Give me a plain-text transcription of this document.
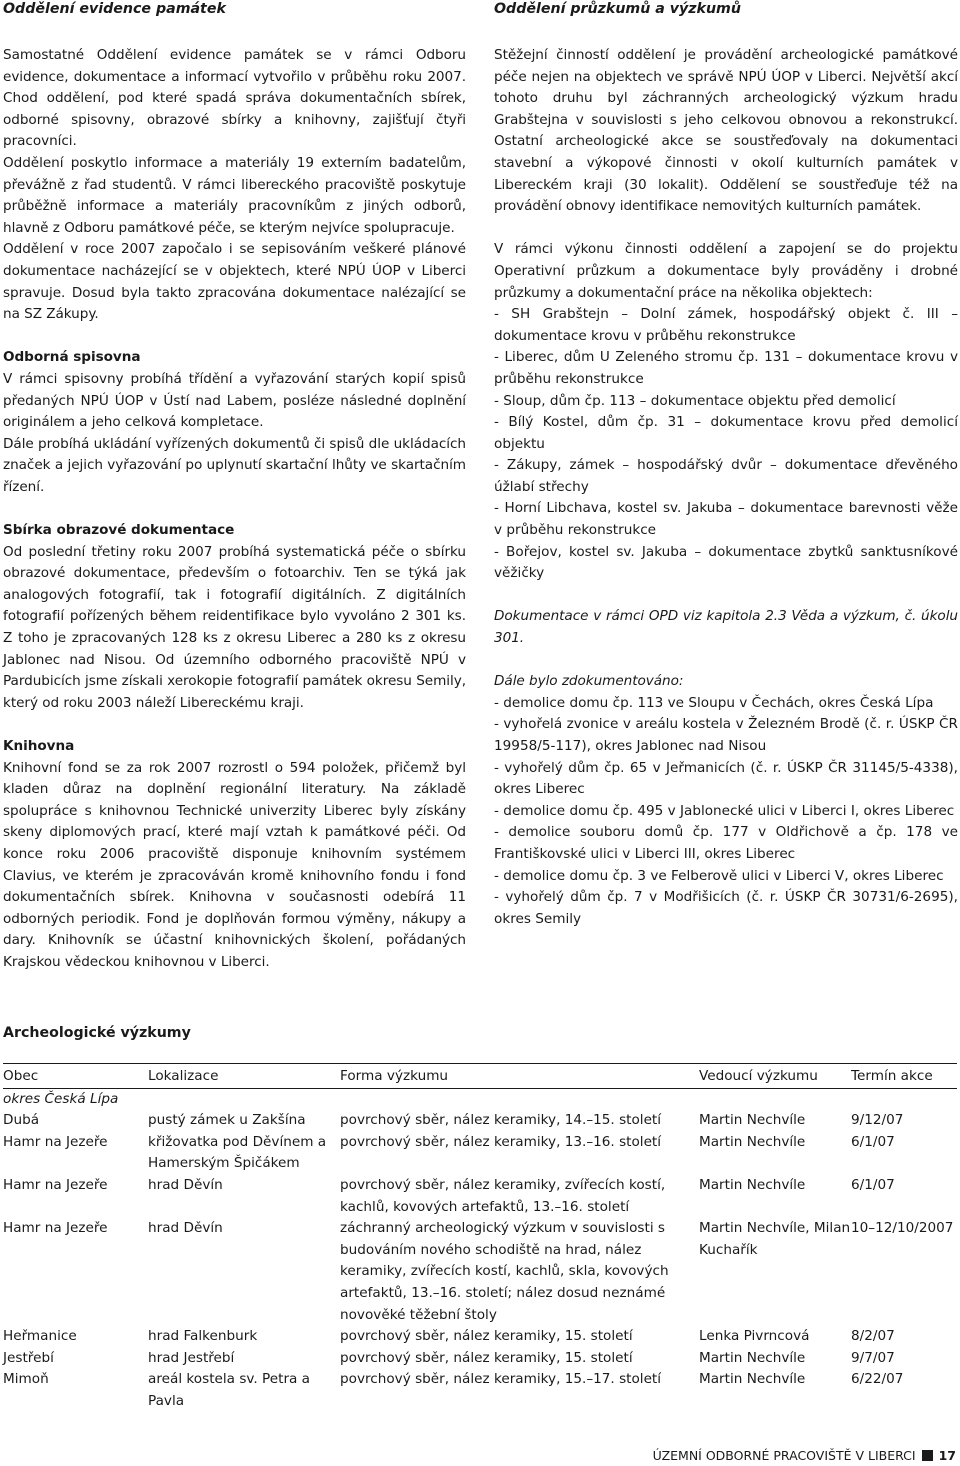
Oddělení evidence památek

Samostatné Oddělení evidence památek se v rámci Odboru evidence, dokumentace a informací vytvořilo v průběhu roku 2007. Chod oddělení, pod které spadá správa dokumentačních sbírek, odborné spisovny, obrazové sbírky a knihovny, zajišťují čtyři pracovníci.

Oddělení poskytlo informace a materiály 19 externím badatelům, převážně z řad studentů. V rámci libereckého pracoviště poskytuje průběžně informace a materiály pracovníkům z jiných odborů, hlavně z Odboru památkové péče, se kterým nejvíce spolupracuje.

Oddělení v roce 2007 započalo i se sepisováním veškeré plánové dokumentace nacházející se v objektech, které NPÚ ÚOP v Liberci spravuje. Dosud byla takto zpracována dokumentace nalézající se na SZ Zákupy.

Odborná spisovna

V rámci spisovny probíhá třídění a vyřazování starých kopií spisů předaných NPÚ ÚOP v Ústí nad Labem, posléze následné doplnění originálem a jeho celková kompletace.

Dále probíhá ukládání vyřízených dokumentů či spisů dle ukládacích značek a jejich vyřazování po uplynutí skartační lhůty ve skartačním řízení.

Sbírka obrazové dokumentace

Od poslední třetiny roku 2007 probíhá systematická péče o sbírku obrazové dokumentace, především o fotoarchiv. Ten se týká jak analogových fotografií, tak i fotografií digitálních. Z digitálních fotografií pořízených během reidentifikace bylo vyvoláno 2 301 ks. Z toho je zpracovaných 128 ks z okresu Liberec a 280 ks z okresu Jablonec nad Nisou. Od územního odborného pracoviště NPÚ v Pardubicích jsme získali xerokopie fotografií památek okresu Semily, který od roku 2003 náleží Libereckému kraji.

Knihovna

Knihovní fond se za rok 2007 rozrostl o 594 položek, přičemž byl kladen důraz na doplnění regionální literatury. Na základě spolupráce s knihovnou Technické univerzity Liberec byly získány skeny diplomových prací, které mají vztah k památkové péči. Od konce roku 2006 pracoviště disponuje knihovním systémem Clavius, ve kterém je zpracováván kromě knihovního fondu i fond dokumentačních sbírek. Knihovna v současnosti odebírá 11 odborných periodik. Fond je doplňován formou výměny, nákupy a dary. Knihovník se účastní knihovnických školení, pořádaných Krajskou vědeckou knihovnou v Liberci.

Oddělení průzkumů a výzkumů

Stěžejní činností oddělení je provádění archeologické památkové péče nejen na objektech ve správě NPÚ ÚOP v Liberci. Největší akcí tohoto druhu byl záchranných archeologický výzkum hradu Grabštejna v souvislosti s jeho celkovou obnovou a rekonstrukcí. Ostatní archeologické akce se soustřeďovaly na dokumentaci stavební a výkopové činnosti v okolí kulturních památek v Libereckém kraji (30 lokalit). Oddělení se soustřeďuje též na provádění obnovy identifikace nemovitých kulturních památek.

V rámci výkonu činnosti oddělení a zapojení se do projektu Operativní průzkum a dokumentace byly prováděny i drobné průzkumy a dokumentační práce na několika objektech:

- SH Grabštejn – Dolní zámek, hospodářský objekt č. III – dokumentace krovu v průběhu rekonstrukce
- Liberec, dům U Zeleného stromu čp. 131 – dokumentace krovu v průběhu rekonstrukce
- Sloup, dům čp. 113 – dokumentace objektu před demolicí
- Bílý Kostel, dům čp. 31 – dokumentace krovu před demolicí objektu
- Zákupy, zámek – hospodářský dvůr – dokumentace dřevěného úžlabí střechy
- Horní Libchava, kostel sv. Jakuba – dokumentace barevnosti věže v průběhu rekonstrukce
- Bořejov, kostel sv. Jakuba – dokumentace zbytků sanktusníkové věžičky

Dokumentace v rámci OPD viz kapitola 2.3 Věda a výzkum, č. úkolu 301.

Dále bylo zdokumentováno:

- demolice domu čp. 113 ve Sloupu v Čechách, okres Česká Lípa
- vyhořelá zvonice v areálu kostela v Železném Brodě (č. r. ÚSKP ČR 19958/5-117), okres Jablonec nad Nisou
- vyhořelý dům čp. 65 v Jeřmanicích (č. r. ÚSKP ČR 31145/5-4338), okres Liberec
- demolice domu čp. 495 v Jablonecké ulici v Liberci I, okres Liberec
- demolice souboru domů čp. 177 v Oldřichově a čp. 178 ve Františkovské ulici v Liberci III, okres Liberec
- demolice domu čp. 3 ve Felberově ulici v Liberci V, okres Liberec
- vyhořelý dům čp. 7 v Modřišicích (č. r. ÚSKP ČR 30731/6-2695), okres Semily
Archeologické výzkumy
Obec	Lokalizace	Forma výzkumu	Vedoucí výzkumu	Termín akce
okres Česká Lípa				
Dubá	pustý zámek u Zakšína	povrchový sběr, nález keramiky, 14.–15. století	Martin Nechvíle	9/12/07
Hamr na Jezeře	křižovatka pod Děvínem a Hamerským Špičákem	povrchový sběr, nález keramiky, 13.–16. století	Martin Nechvíle	6/1/07
Hamr na Jezeře	hrad Děvín	povrchový sběr, nález keramiky, zvířecích kostí, kachlů, kovových artefaktů, 13.–16. století	Martin Nechvíle	6/1/07
Hamr na Jezeře	hrad Děvín	záchranný archeologický výzkum v souvislosti s budováním nového schodiště na hrad, nález keramiky, zvířecích kostí, kachlů, skla, kovových artefaktů, 13.–16. století; nález dosud neznámé novověké těžební štoly	Martin Nechvíle, Milan Kuchařík	10–12/10/2007
Heřmanice	hrad Falkenburk	povrchový sběr, nález keramiky, 15. století	Lenka Pivrncová	8/2/07
Jestřebí	hrad Jestřebí	povrchový sběr, nález keramiky, 15. století	Martin Nechvíle	9/7/07
Mimoň	areál kostela sv. Petra a Pavla	povrchový sběr, nález keramiky, 15.–17. století	Martin Nechvíle	6/22/07
ÚZEMNÍ ODBORNÉ PRACOVIŠTĚ V LIBERCI 17
